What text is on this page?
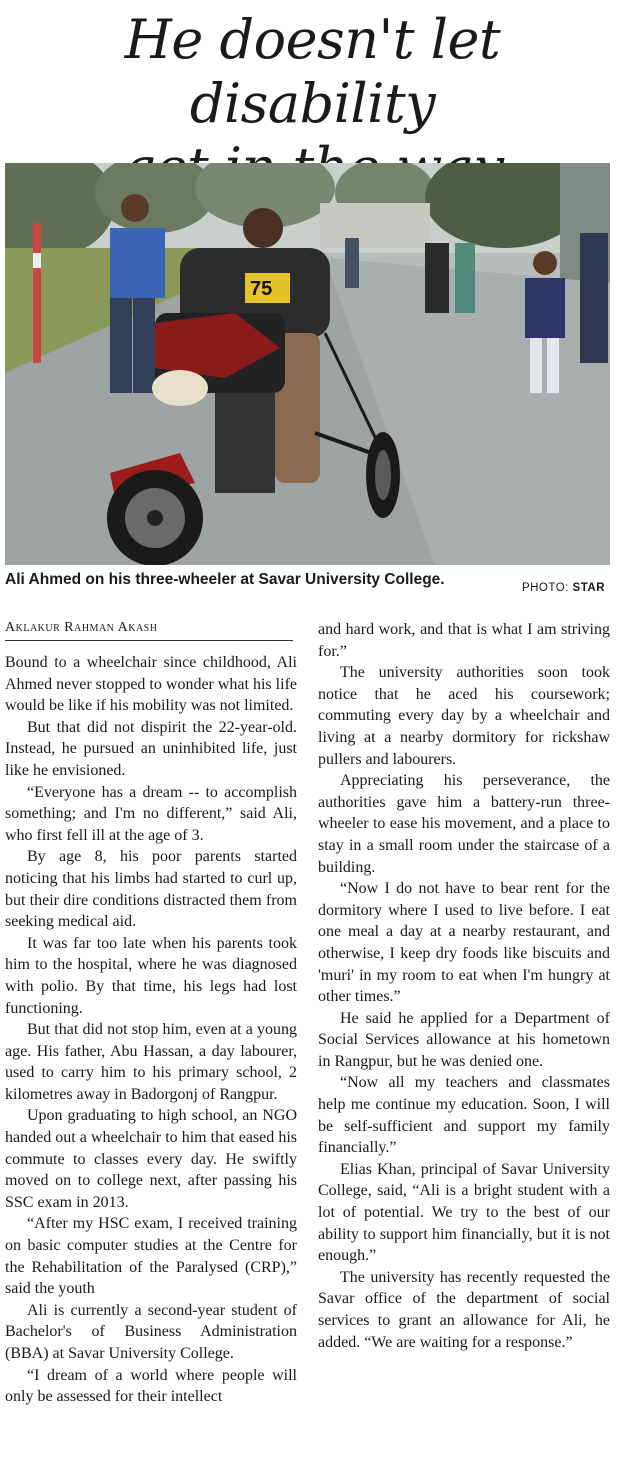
He doesn't let disability
75
Ali Ahmed on his three-wheeler at Savar University College.	PHOTO: STAR
Aklakur Rahman Akash

Bound to a wheelchair since childhood, Ali Ahmed never stopped to wonder what his life would be like if his mobility was not limited.

But that did not dispirit the 22-year-old. Instead, he pursued an uninhibited life, just like he envisioned.

“Everyone has a dream -- to accomplish something; and I'm no different,” said Ali, who first fell ill at the age of 3.

By age 8, his poor parents started noticing that his limbs had started to curl up, but their dire conditions distracted them from seeking medical aid.

It was far too late when his parents took him to the hospital, where he was diagnosed with polio. By that time, his legs had lost functioning.

But that did not stop him, even at a young age. His father, Abu Hassan, a day labourer, used to carry him to his primary school, 2 kilometres away in Badorgonj of Rangpur.

Upon graduating to high school, an NGO handed out a wheelchair to him that eased his commute to classes every day. He swiftly moved on to college next, after passing his SSC exam in 2013.

“After my HSC exam, I received training on basic computer studies at the Centre for the Rehabilitation of the Paralysed (CRP),” said the youth

Ali is currently a second-year student of Bachelor's of Business Administration (BBA) at Savar University College.

“I dream of a world where people will only be assessed for their intellect

and hard work, and that is what I am striving for.”

The university authorities soon took notice that he aced his coursework; commuting every day by a wheelchair and living at a nearby dormitory for rickshaw pullers and labourers.

Appreciating his perseverance, the authorities gave him a battery-run three-wheeler to ease his movement, and a place to stay in a small room under the staircase of a building.

“Now I do not have to bear rent for the dormitory where I used to live before. I eat one meal a day at a nearby restaurant, and otherwise, I keep dry foods like biscuits and 'muri' in my room to eat when I'm hungry at other times.”

He said he applied for a Department of Social Services allowance at his hometown in Rangpur, but he was denied one.

“Now all my teachers and classmates help me continue my education. Soon, I will be self-sufficient and support my family financially.”

Elias Khan, principal of Savar University College, said, “Ali is a bright student with a lot of potential. We try to the best of our ability to support him financially, but it is not enough.”

The university has recently requested the Savar office of the department of social services to grant an allowance for Ali, he added. “We are waiting for a response.”
